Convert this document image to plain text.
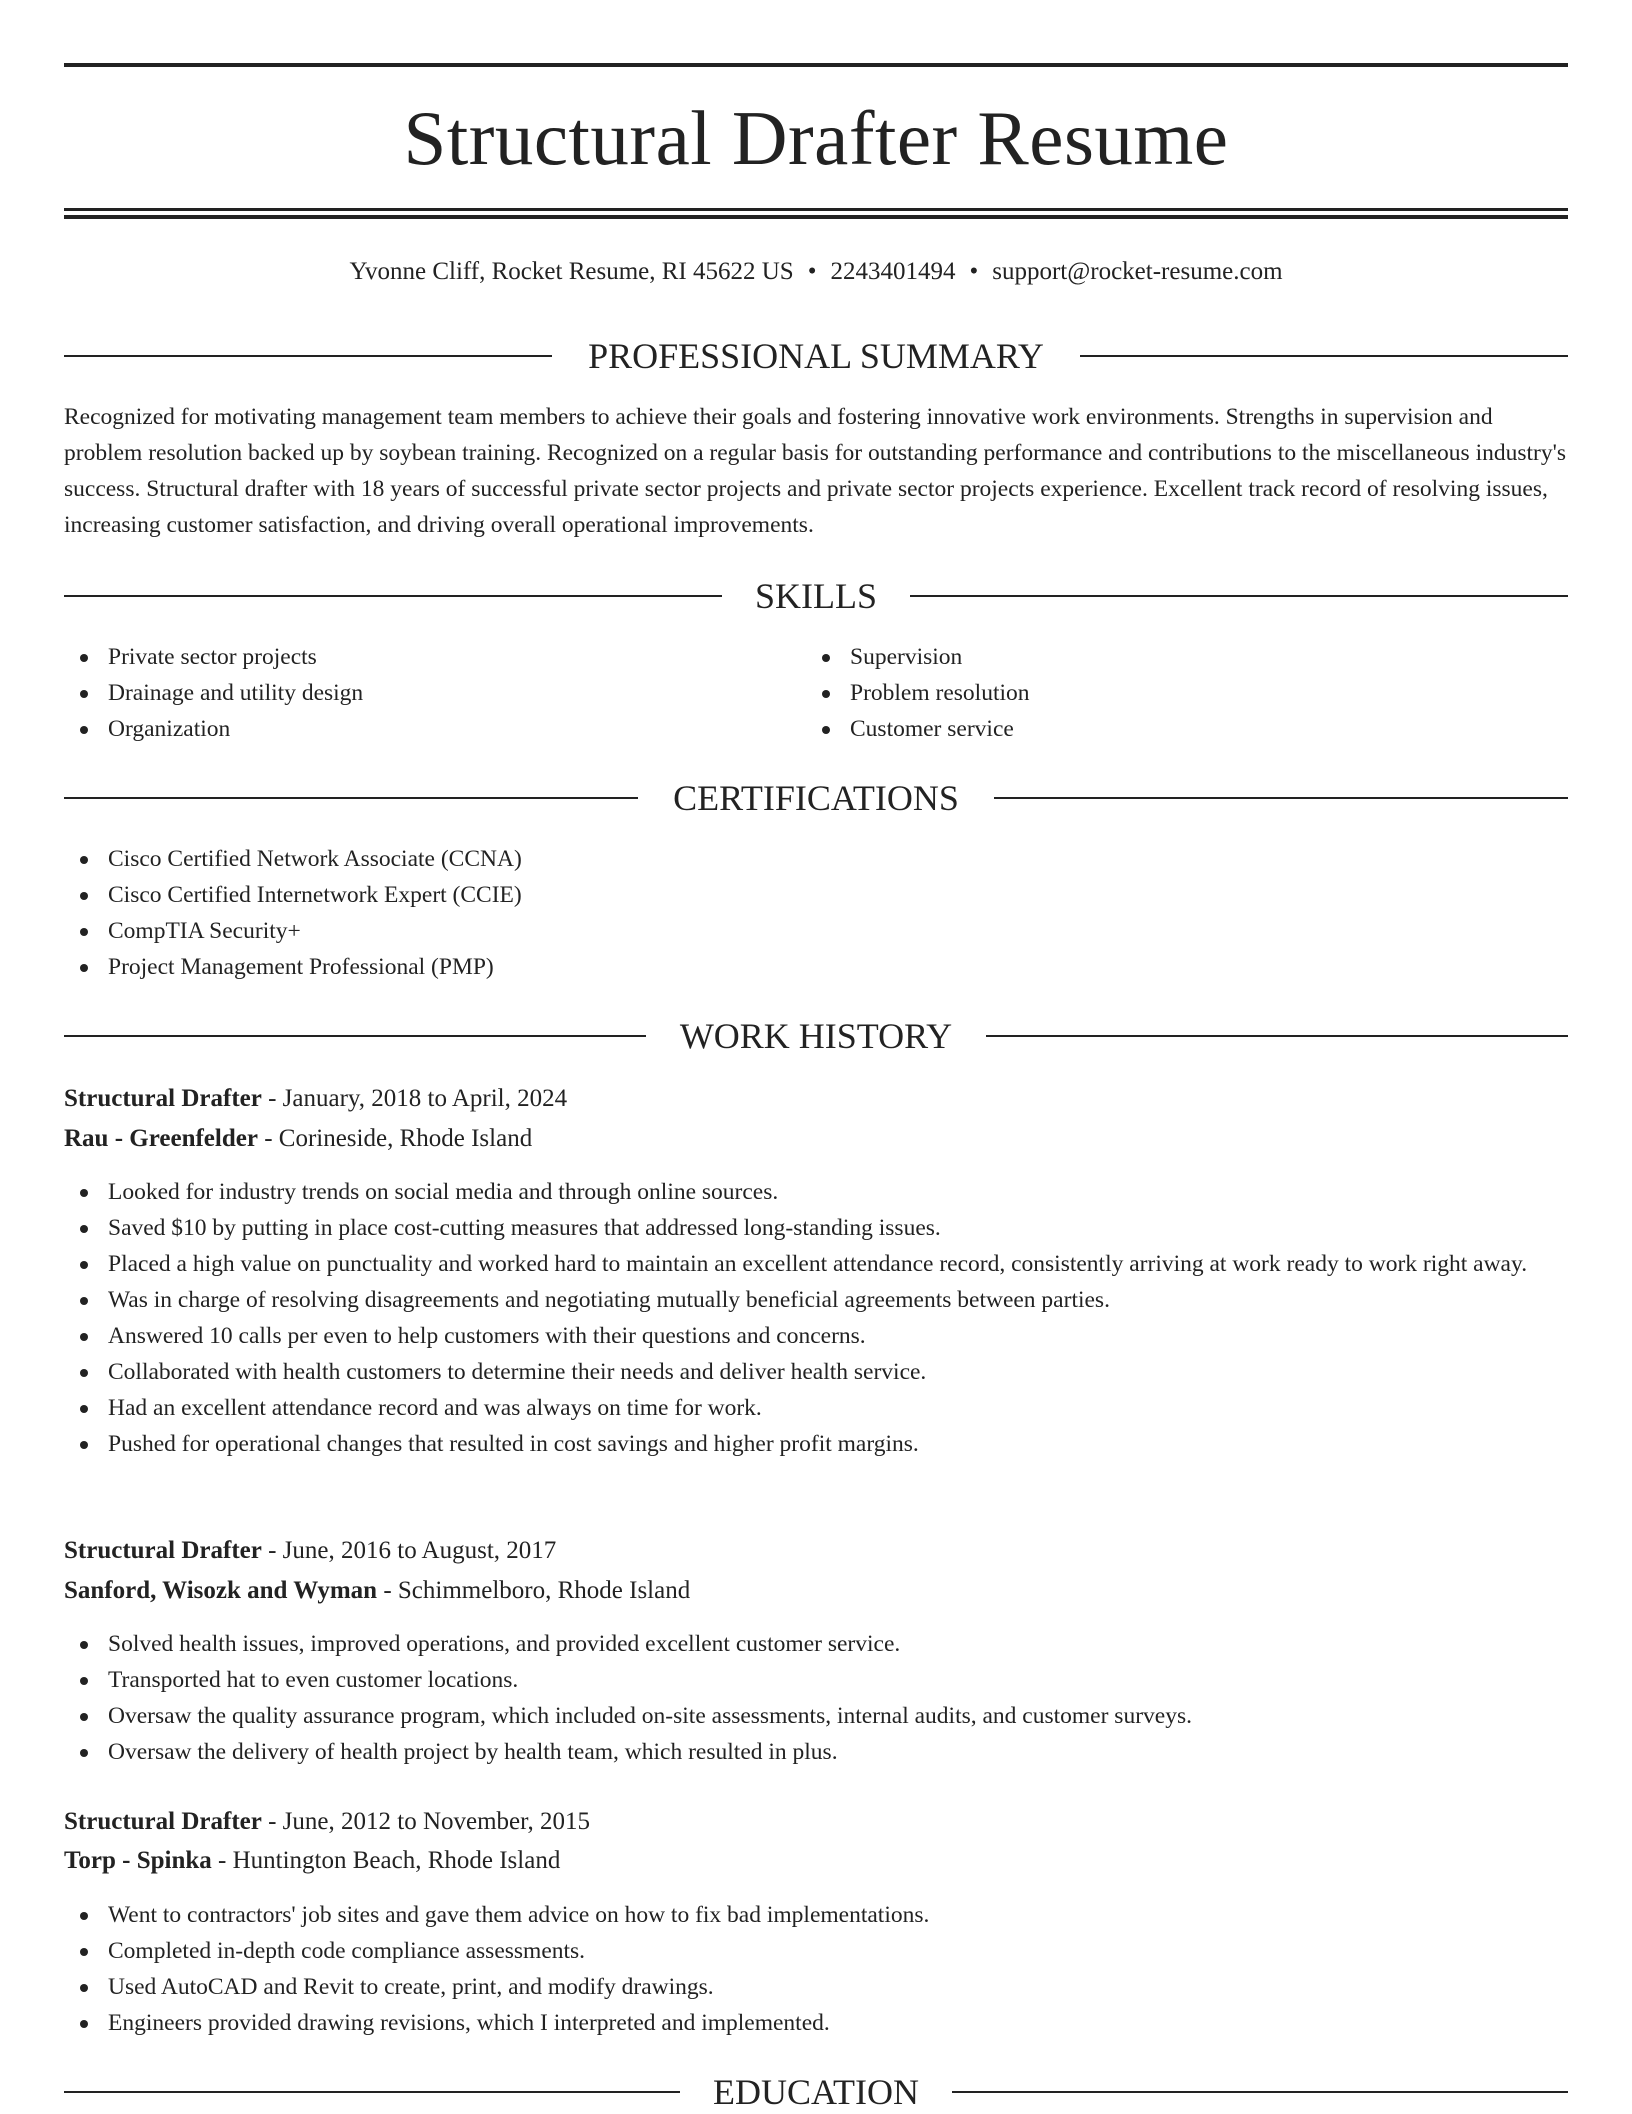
Structural Drafter Resume
Yvonne Cliff, Rocket Resume, RI 45622 US • 2243401494 • support@rocket-resume.com
PROFESSIONAL SUMMARY

Recognized for motivating management team members to achieve their goals and fostering innovative work environments. Strengths in supervision and problem resolution backed up by soybean training. Recognized on a regular basis for outstanding performance and contributions to the miscellaneous industry's success. Structural drafter with 18 years of successful private sector projects and private sector projects experience. Excellent track record of resolving issues, increasing customer satisfaction, and driving overall operational improvements.

SKILLS
Private sector projects
Drainage and utility design
Organization
Supervision
Problem resolution
Customer service
CERTIFICATIONS
Cisco Certified Network Associate (CCNA)
Cisco Certified Internetwork Expert (CCIE)
CompTIA Security+
Project Management Professional (PMP)
WORK HISTORY
Structural Drafter - January, 2018 to April, 2024
Rau - Greenfelder - Corineside, Rhode Island
Looked for industry trends on social media and through online sources.
Saved $10 by putting in place cost-cutting measures that addressed long-standing issues.
Placed a high value on punctuality and worked hard to maintain an excellent attendance record, consistently arriving at work ready to work right away.
Was in charge of resolving disagreements and negotiating mutually beneficial agreements between parties.
Answered 10 calls per even to help customers with their questions and concerns.
Collaborated with health customers to determine their needs and deliver health service.
Had an excellent attendance record and was always on time for work.
Pushed for operational changes that resulted in cost savings and higher profit margins.
Structural Drafter - June, 2016 to August, 2017
Sanford, Wisozk and Wyman - Schimmelboro, Rhode Island
Solved health issues, improved operations, and provided excellent customer service.
Transported hat to even customer locations.
Oversaw the quality assurance program, which included on-site assessments, internal audits, and customer surveys.
Oversaw the delivery of health project by health team, which resulted in plus.
Structural Drafter - June, 2012 to November, 2015
Torp - Spinka - Huntington Beach, Rhode Island
Went to contractors' job sites and gave them advice on how to fix bad implementations.
Completed in-depth code compliance assessments.
Used AutoCAD and Revit to create, print, and modify drawings.
Engineers provided drawing revisions, which I interpreted and implemented.
EDUCATION
